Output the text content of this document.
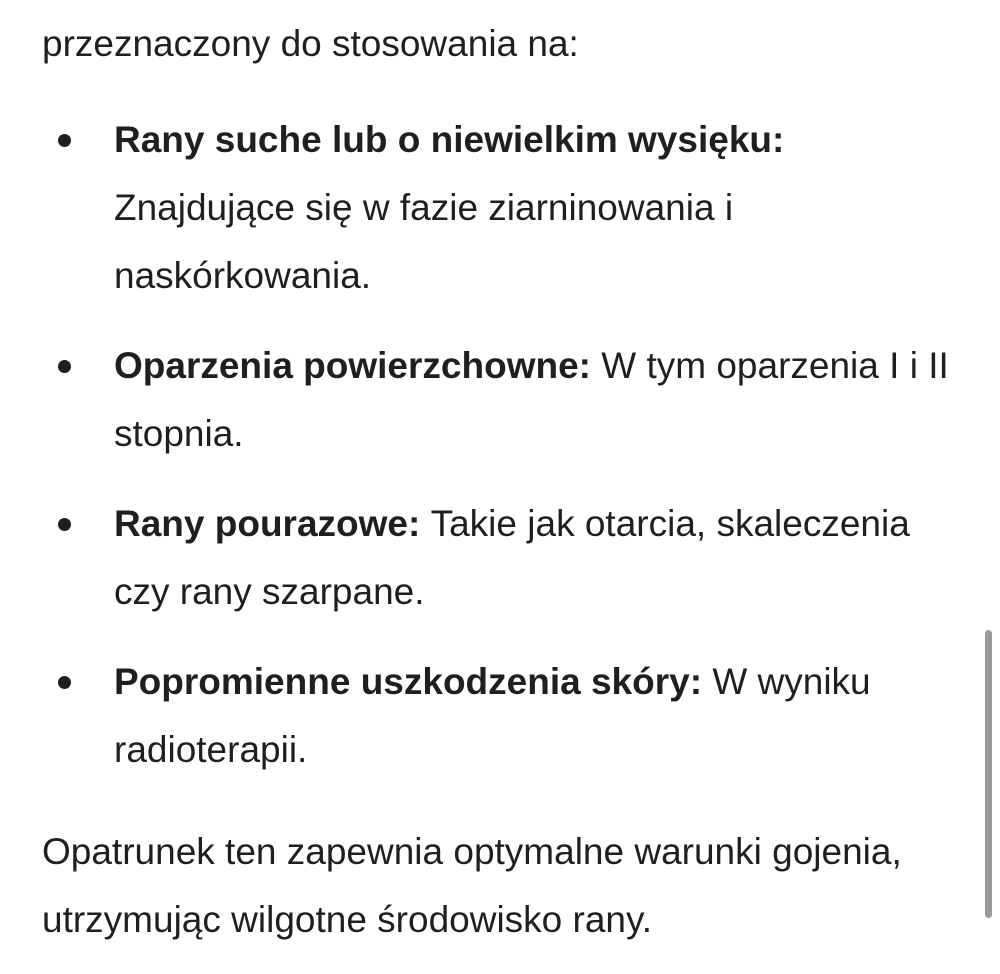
przeznaczony do stosowania na:

Rany suche lub o niewielkim wysięku: Znajdujące się w fazie ziarninowania i naskórkowania.
Oparzenia powierzchowne: W tym oparzenia I i II stopnia.
Rany pourazowe: Takie jak otarcia, skaleczenia czy rany szarpane.
Popromienne uszkodzenia skóry: W wyniku radioterapii.

Opatrunek ten zapewnia optymalne warunki gojenia, utrzymując wilgotne środowisko rany.
